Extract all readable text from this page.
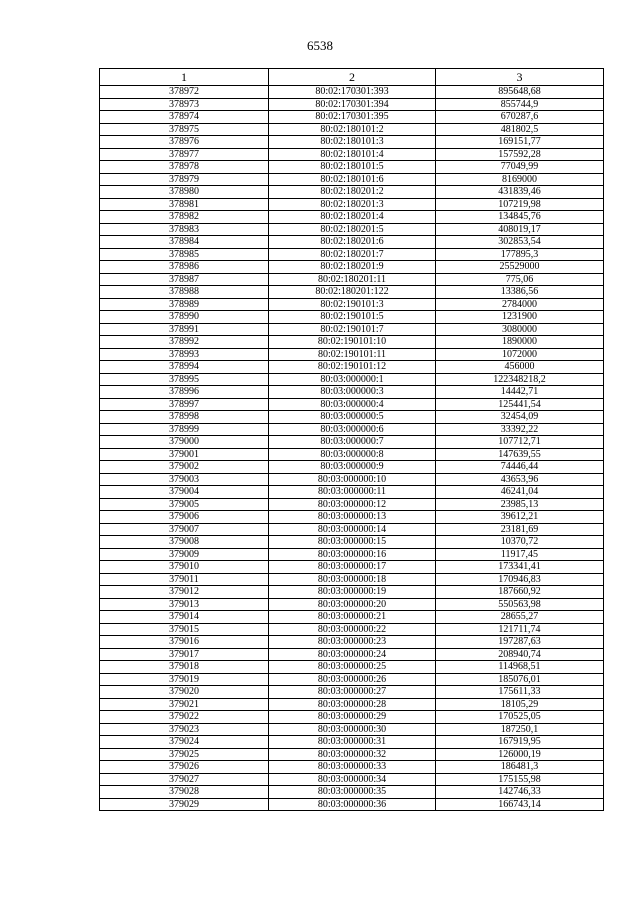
6538
1	2	3
378972	80:02:170301:393	895648,68
378973	80:02:170301:394	855744,9
378974	80:02:170301:395	670287,6
378975	80:02:180101:2	481802,5
378976	80:02:180101:3	169151,77
378977	80:02:180101:4	157592,28
378978	80:02:180101:5	77049,99
378979	80:02:180101:6	8169000
378980	80:02:180201:2	431839,46
378981	80:02:180201:3	107219,98
378982	80:02:180201:4	134845,76
378983	80:02:180201:5	408019,17
378984	80:02:180201:6	302853,54
378985	80:02:180201:7	177895,3
378986	80:02:180201:9	25529000
378987	80:02:180201:11	775,06
378988	80:02:180201:122	13386,56
378989	80:02:190101:3	2784000
378990	80:02:190101:5	1231900
378991	80:02:190101:7	3080000
378992	80:02:190101:10	1890000
378993	80:02:190101:11	1072000
378994	80:02:190101:12	456000
378995	80:03:000000:1	122348218,2
378996	80:03:000000:3	14442,71
378997	80:03:000000:4	125441,54
378998	80:03:000000:5	32454,09
378999	80:03:000000:6	33392,22
379000	80:03:000000:7	107712,71
379001	80:03:000000:8	147639,55
379002	80:03:000000:9	74446,44
379003	80:03:000000:10	43653,96
379004	80:03:000000:11	46241,04
379005	80:03:000000:12	23985,13
379006	80:03:000000:13	39612,21
379007	80:03:000000:14	23181,69
379008	80:03:000000:15	10370,72
379009	80:03:000000:16	11917,45
379010	80:03:000000:17	173341,41
379011	80:03:000000:18	170946,83
379012	80:03:000000:19	187660,92
379013	80:03:000000:20	550563,98
379014	80:03:000000:21	28655,27
379015	80:03:000000:22	121711,74
379016	80:03:000000:23	197287,63
379017	80:03:000000:24	208940,74
379018	80:03:000000:25	114968,51
379019	80:03:000000:26	185076,01
379020	80:03:000000:27	175611,33
379021	80:03:000000:28	18105,29
379022	80:03:000000:29	170525,05
379023	80:03:000000:30	187250,1
379024	80:03:000000:31	167919,95
379025	80:03:000000:32	126000,19
379026	80:03:000000:33	186481,3
379027	80:03:000000:34	175155,98
379028	80:03:000000:35	142746,33
379029	80:03:000000:36	166743,14
